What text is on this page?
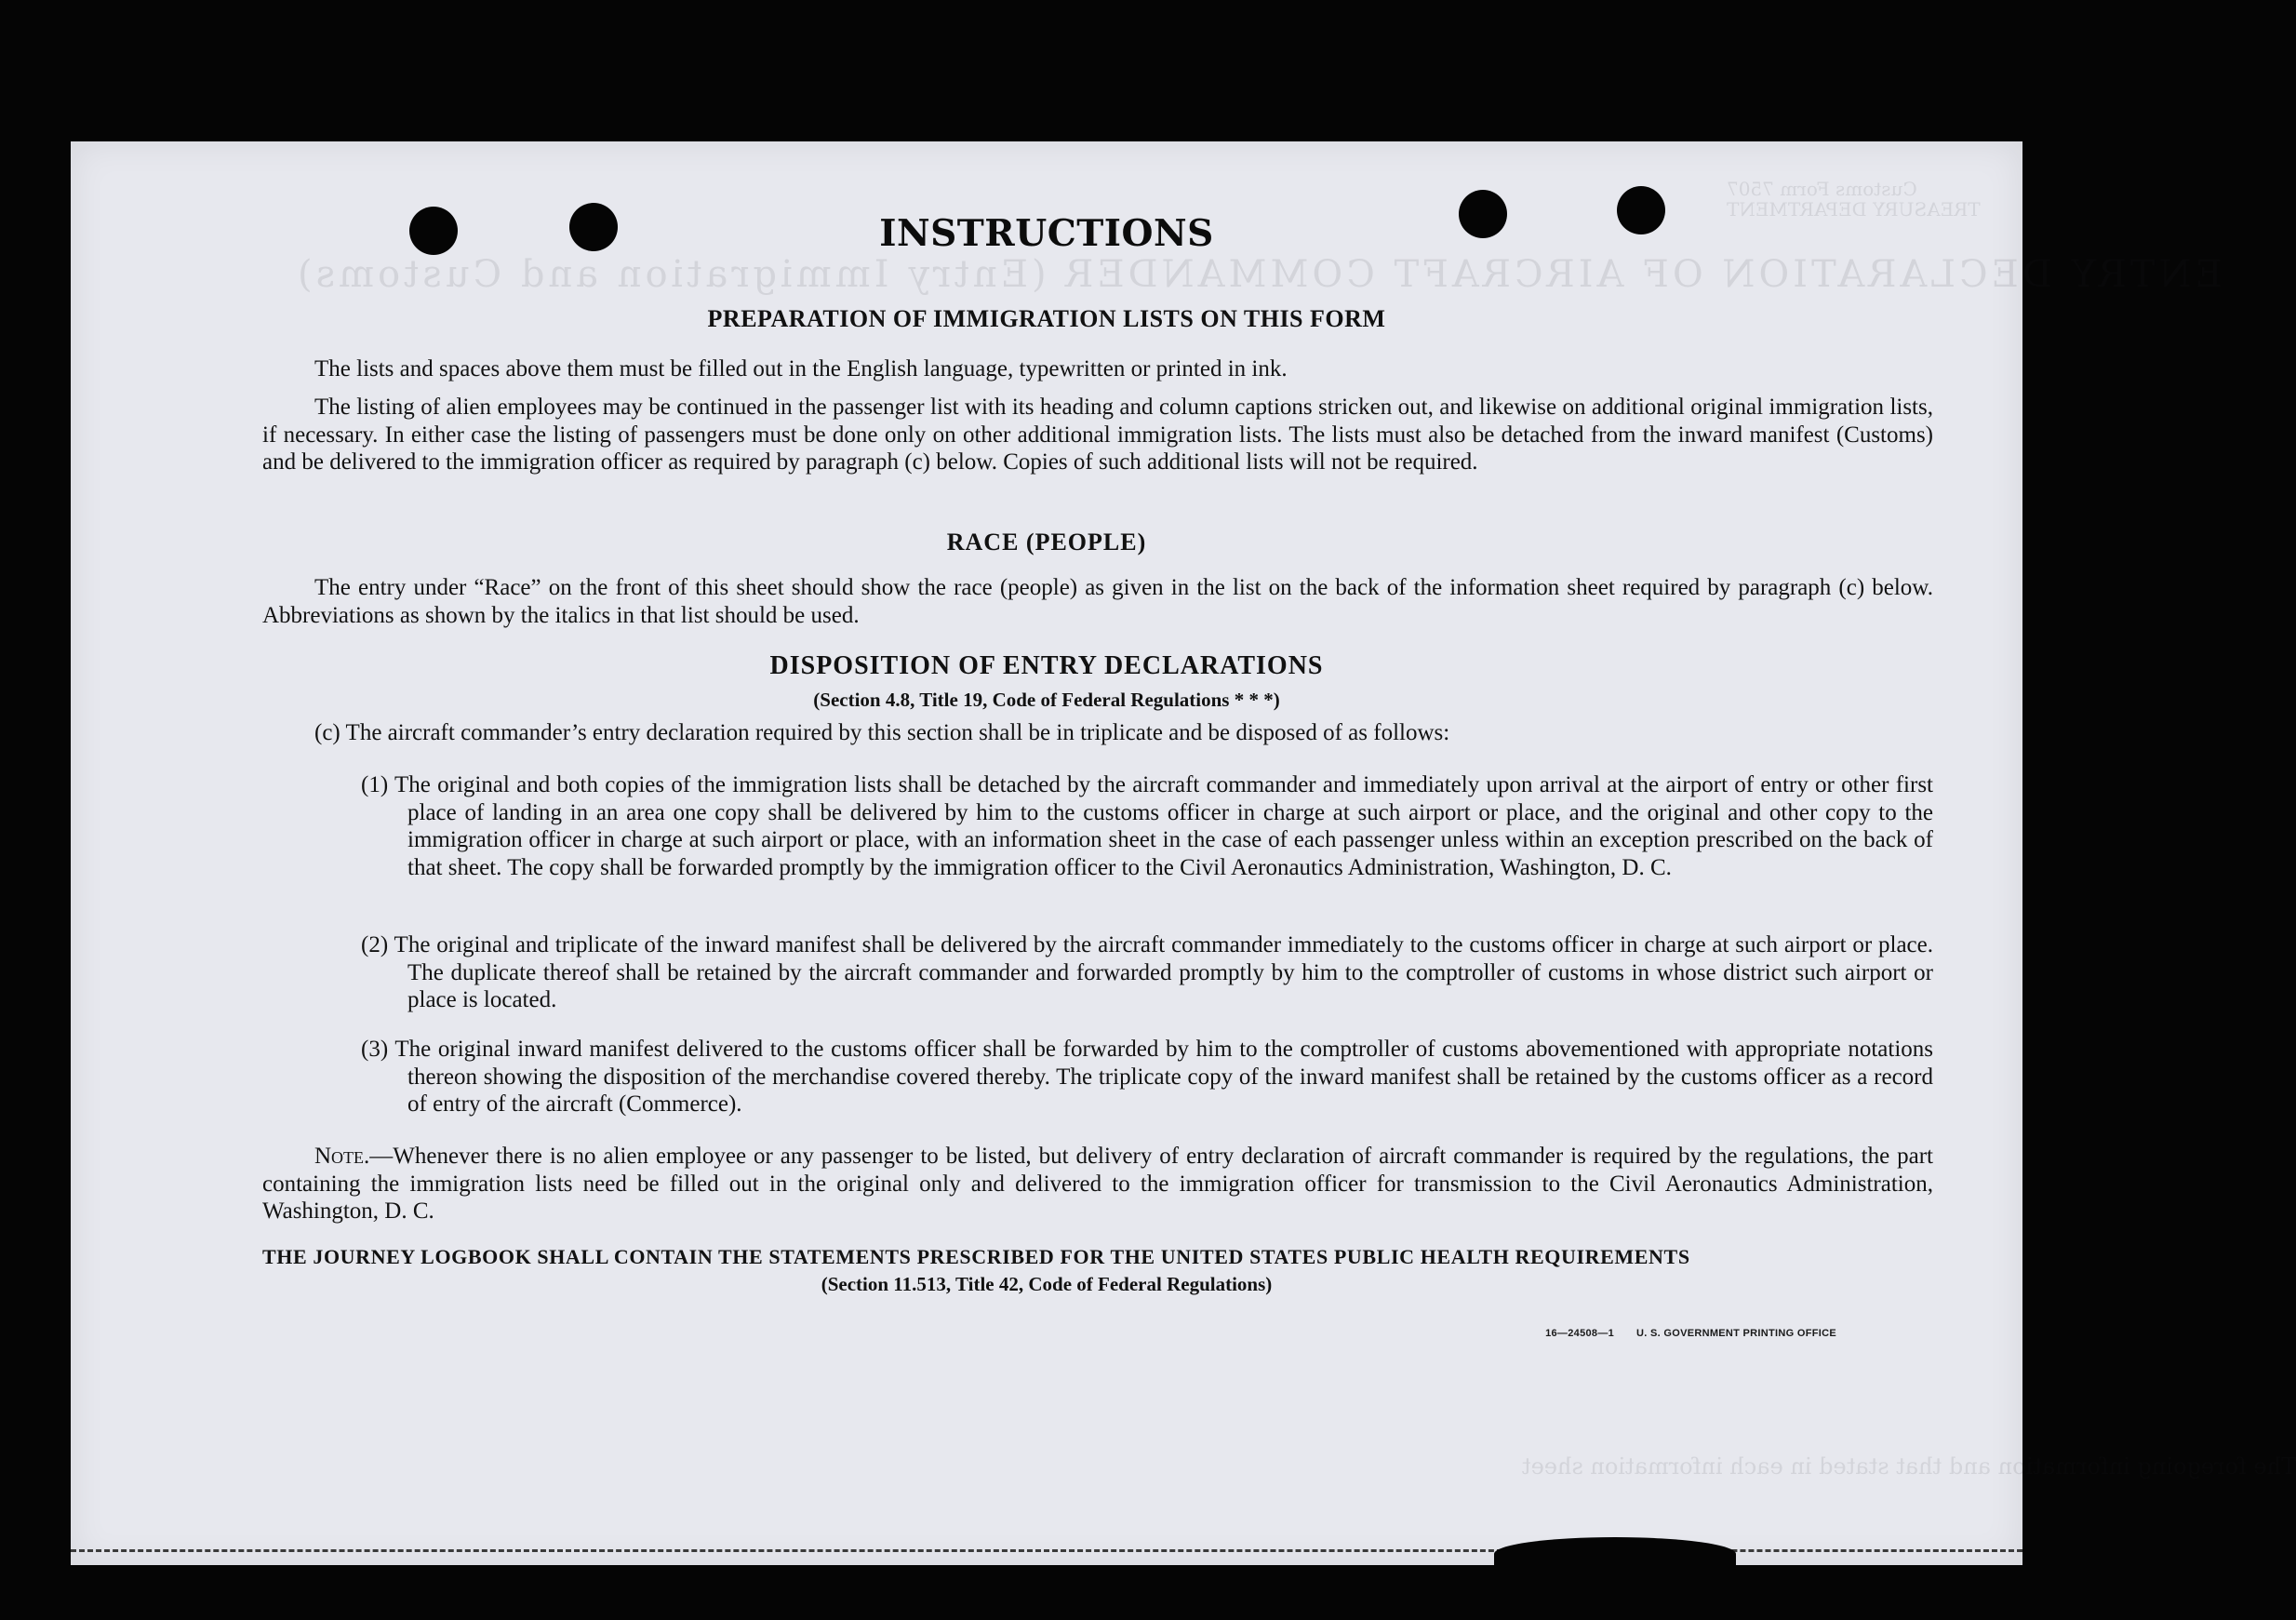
ENTRY DECLARATION OF AIRCRAFT COMMANDER (Entry Immigration and Customs)
Customs Form 7507
TREASURY DEPARTMENT
The foregoing information and that stated in each information sheet
INSTRUCTIONS
PREPARATION OF IMMIGRATION LISTS ON THIS FORM
The lists and spaces above them must be filled out in the English language, typewritten or printed in ink.
The listing of alien employees may be continued in the passenger list with its heading and column captions stricken out, and likewise on additional original immigration lists, if necessary. In either case the listing of passengers must be done only on other additional immigration lists. The lists must also be detached from the inward manifest (Customs) and be delivered to the immigration officer as required by paragraph (c) below. Copies of such additional lists will not be required.
RACE (PEOPLE)
The entry under “Race” on the front of this sheet should show the race (people) as given in the list on the back of the information sheet required by paragraph (c) below. Abbreviations as shown by the italics in that list should be used.
DISPOSITION OF ENTRY DECLARATIONS
(Section 4.8, Title 19, Code of Federal Regulations * * *)
(c) The aircraft commander’s entry declaration required by this section shall be in triplicate and be disposed of as follows:
(1) The original and both copies of the immigration lists shall be detached by the aircraft commander and immediately upon arrival at the airport of entry or other first place of landing in an area one copy shall be delivered by him to the customs officer in charge at such airport or place, and the original and other copy to the immigration officer in charge at such airport or place, with an information sheet in the case of each passenger unless within an exception prescribed on the back of that sheet. The copy shall be forwarded promptly by the immigration officer to the Civil Aeronautics Administration, Washington, D. C.
(2) The original and triplicate of the inward manifest shall be delivered by the aircraft commander immediately to the customs officer in charge at such airport or place. The duplicate thereof shall be retained by the aircraft commander and forwarded promptly by him to the comptroller of customs in whose district such airport or place is located.
(3) The original inward manifest delivered to the customs officer shall be forwarded by him to the comptroller of customs abovementioned with appropriate notations thereon showing the disposition of the merchandise covered thereby. The triplicate copy of the inward manifest shall be retained by the customs officer as a record of entry of the aircraft (Commerce).
Note.—Whenever there is no alien employee or any passenger to be listed, but delivery of entry declaration of aircraft commander is required by the regulations, the part containing the immigration lists need be filled out in the original only and delivered to the immigration officer for transmission to the Civil Aeronautics Administration, Washington, D. C.
THE JOURNEY LOGBOOK SHALL CONTAIN THE STATEMENTS PRESCRIBED FOR THE UNITED STATES PUBLIC HEALTH REQUIREMENTS
(Section 11.513, Title 42, Code of Federal Regulations)
16—24508—1 U. S. GOVERNMENT PRINTING OFFICE
